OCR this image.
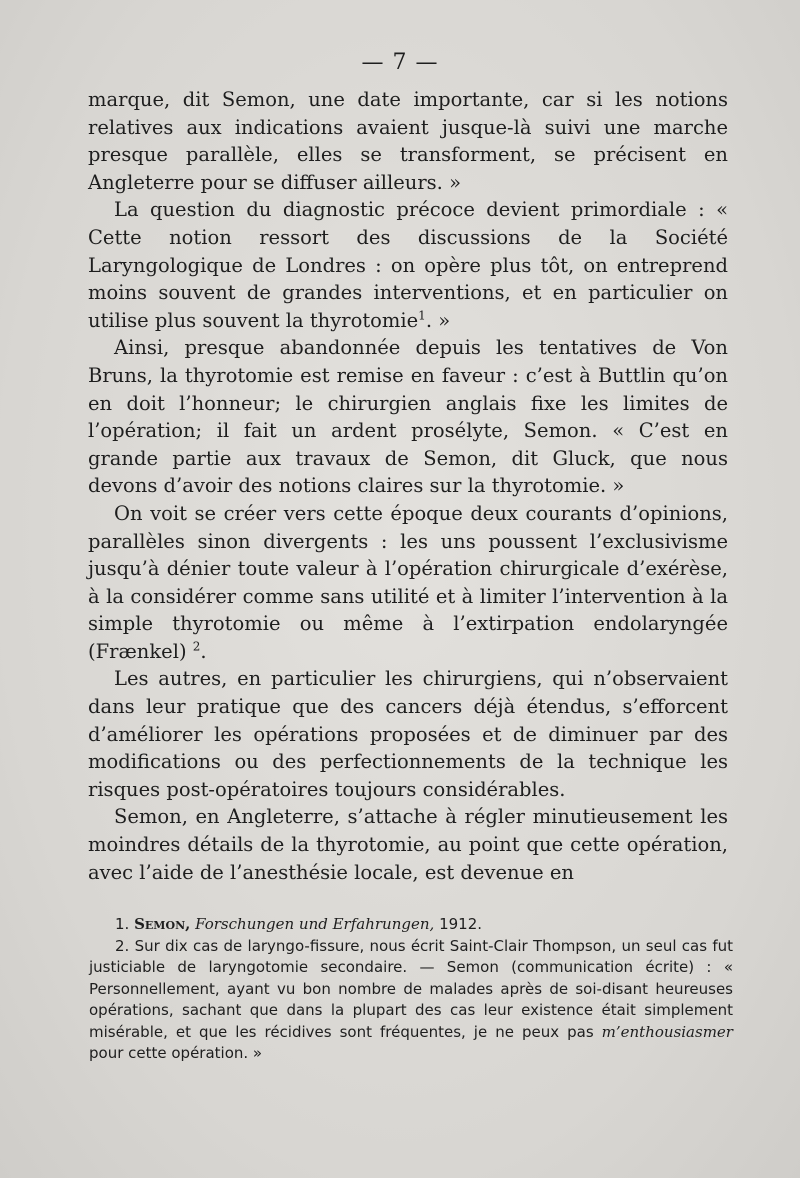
— 7 —

marque, dit Semon, une date importante, car si les notions relatives aux indications avaient jusque-là suivi une marche presque parallèle, elles se transforment, se précisent en Angleterre pour se diffuser ailleurs. »

La question du diagnostic précoce devient primordiale : « Cette notion ressort des discussions de la Société Laryngologique de Londres : on opère plus tôt, on entreprend moins souvent de grandes interventions, et en particulier on utilise plus souvent la thyrotomie$^1$. »

Ainsi, presque abandonnée depuis les tentatives de Von Bruns, la thyrotomie est remise en faveur : c’est à Buttlin qu’on en doit l’honneur; le chirurgien anglais fixe les limites de l’opération; il fait un ardent prosélyte, Semon. « C’est en grande partie aux travaux de Semon, dit Gluck, que nous devons d’avoir des notions claires sur la thyrotomie. »

On voit se créer vers cette époque deux courants d’opinions, parallèles sinon divergents : les uns poussent l’exclusivisme jusqu’à dénier toute valeur à l’opération chirurgicale d’exérèse, à la considérer comme sans utilité et à limiter l’intervention à la simple thyrotomie ou même à l’extirpation endolaryngée (Frænkel) $^2$.

Les autres, en particulier les chirurgiens, qui n’observaient dans leur pratique que des cancers déjà étendus, s’efforcent d’améliorer les opérations proposées et de diminuer par des modifications ou des perfectionnements de la technique les risques post-opératoires toujours considérables.

Semon, en Angleterre, s’attache à régler minutieusement les moindres détails de la thyrotomie, au point que cette opération, avec l’aide de l’anesthésie locale, est devenue en

1. Semon, Forschungen und Erfahrungen, 1912.

2. Sur dix cas de laryngo-fissure, nous écrit Saint-Clair Thompson, un seul cas fut justiciable de laryngotomie secondaire. — Semon (communication écrite) : « Personnellement, ayant vu bon nombre de malades après de soi-disant heureuses opérations, sachant que dans la plupart des cas leur existence était simplement misérable, et que les récidives sont fréquentes, je ne peux pas m’enthousiasmer pour cette opération. »
